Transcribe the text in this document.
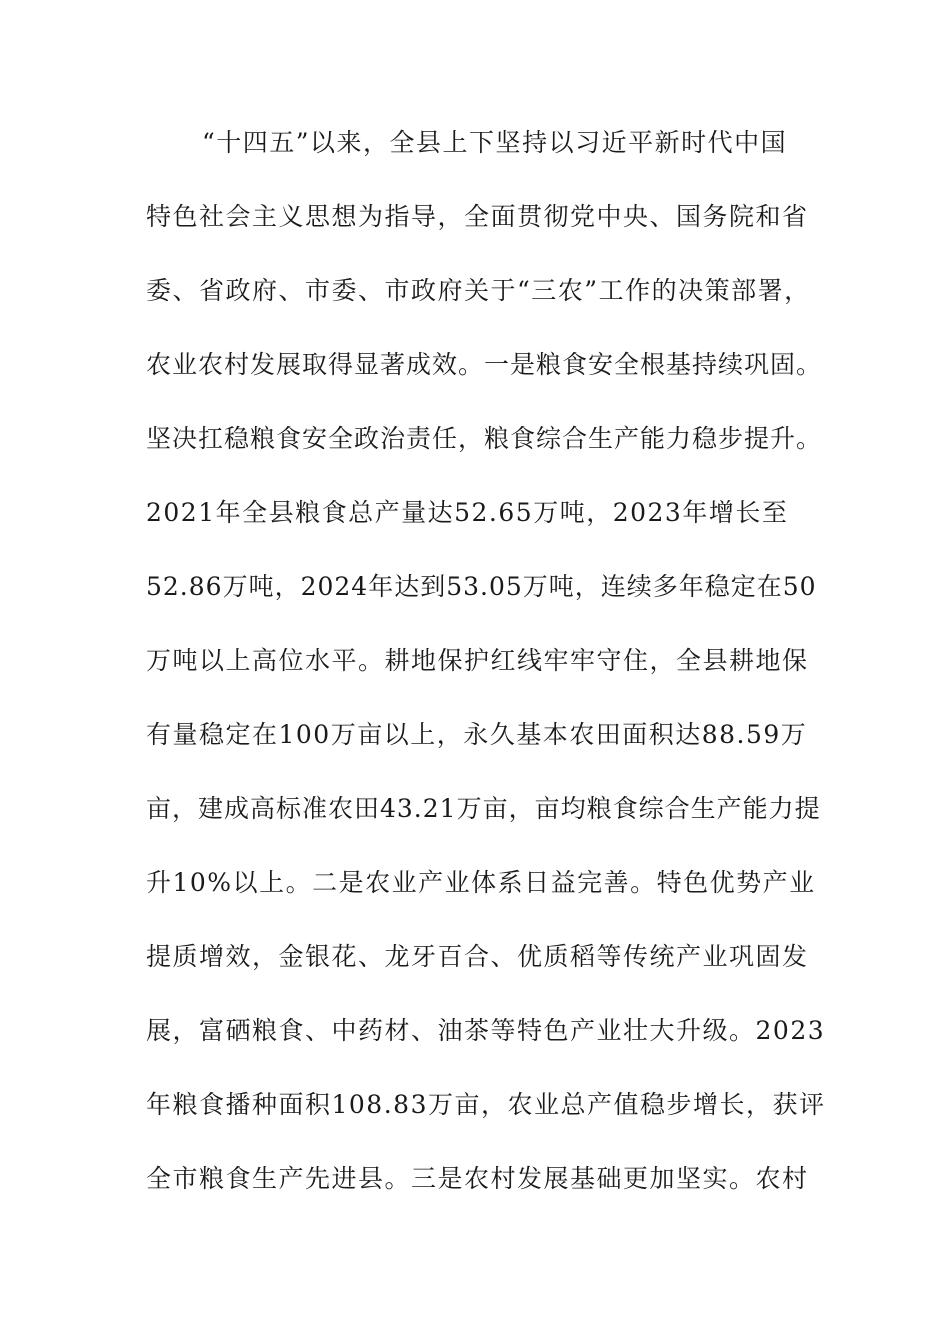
“十四五”以来，全县上下坚持以习近平新时代中国
特色社会主义思想为指导，全面贯彻党中央、国务院和省
委、省政府、市委、市政府关于“三农”工作的决策部署，
农业农村发展取得显著成效。一是粮食安全根基持续巩固。
坚决扛稳粮食安全政治责任，粮食综合生产能力稳步提升。
2021年全县粮食总产量达52.65万吨，2023年增长至
52.86万吨，2024年达到53.05万吨，连续多年稳定在50
万吨以上高位水平。耕地保护红线牢牢守住，全县耕地保
有量稳定在100万亩以上，永久基本农田面积达88.59万
亩，建成高标准农田43.21万亩，亩均粮食综合生产能力提
升10%以上。二是农业产业体系日益完善。特色优势产业
提质增效，金银花、龙牙百合、优质稻等传统产业巩固发
展，富硒粮食、中药材、油茶等特色产业壮大升级。2023
年粮食播种面积108.83万亩，农业总产值稳步增长，获评
全市粮食生产先进县。三是农村发展基础更加坚实。农村
